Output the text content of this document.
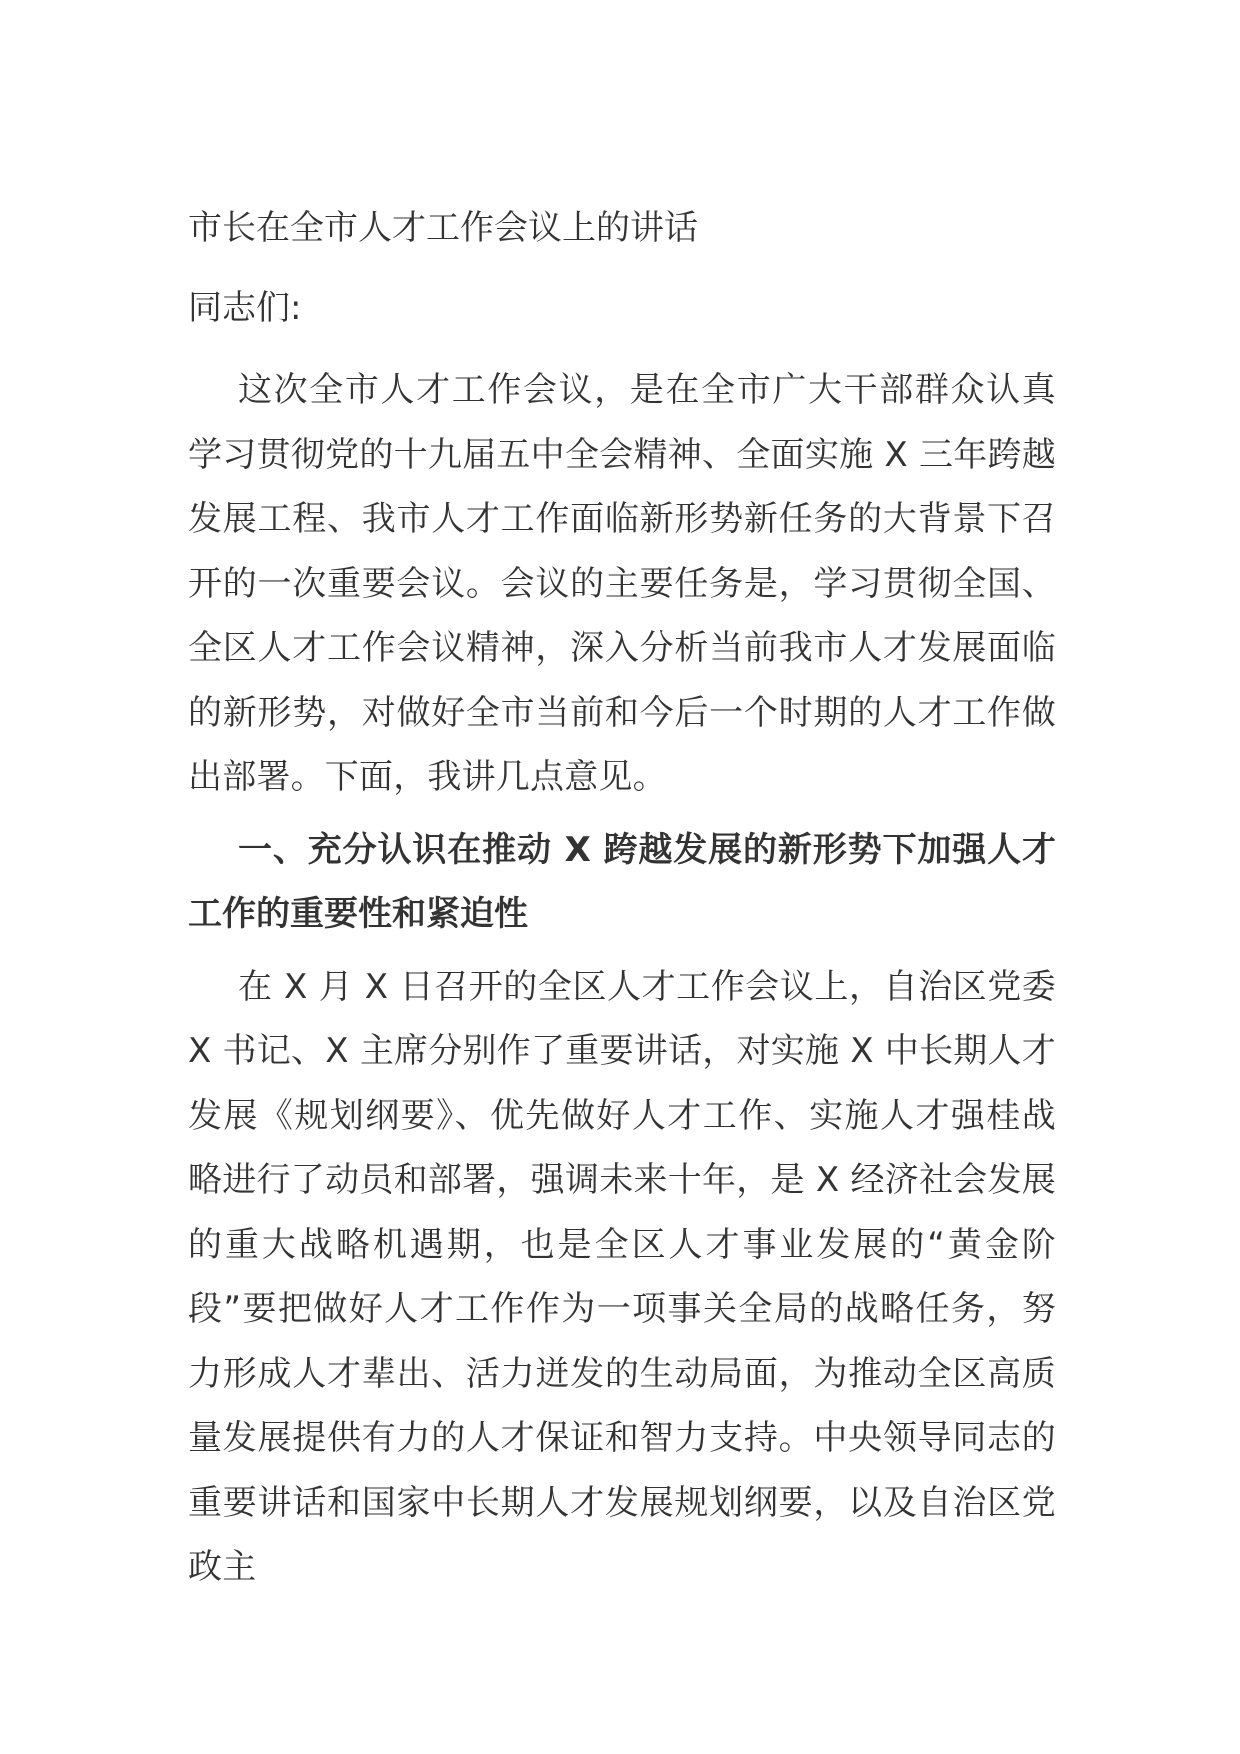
市长在全市人才工作会议上的讲话
同志们:

这次全市人才工作会议，是在全市广大干部群众认真学习贯彻党的十九届五中全会精神、全面实施 X 三年跨越发展工程、我市人才工作面临新形势新任务的大背景下召开的一次重要会议。会议的主要任务是，学习贯彻全国、全区人才工作会议精神，深入分析当前我市人才发展面临的新形势，对做好全市当前和今后一个时期的人才工作做出部署。下面，我讲几点意见。

一、充分认识在推动 X 跨越发展的新形势下加强人才工作的重要性和紧迫性

在 X 月 X 日召开的全区人才工作会议上，自治区党委 X 书记、X 主席分别作了重要讲话，对实施 X 中长期人才发展《规划纲要》、优先做好人才工作、实施人才强桂战略进行了动员和部署，强调未来十年，是 X 经济社会发展的重大战略机遇期，也是全区人才事业发展的“黄金阶段”要把做好人才工作作为一项事关全局的战略任务，努力形成人才辈出、活力迸发的生动局面，为推动全区高质量发展提供有力的人才保证和智力支持。中央领导同志的重要讲话和国家中长期人才发展规划纲要，以及自治区党政主
